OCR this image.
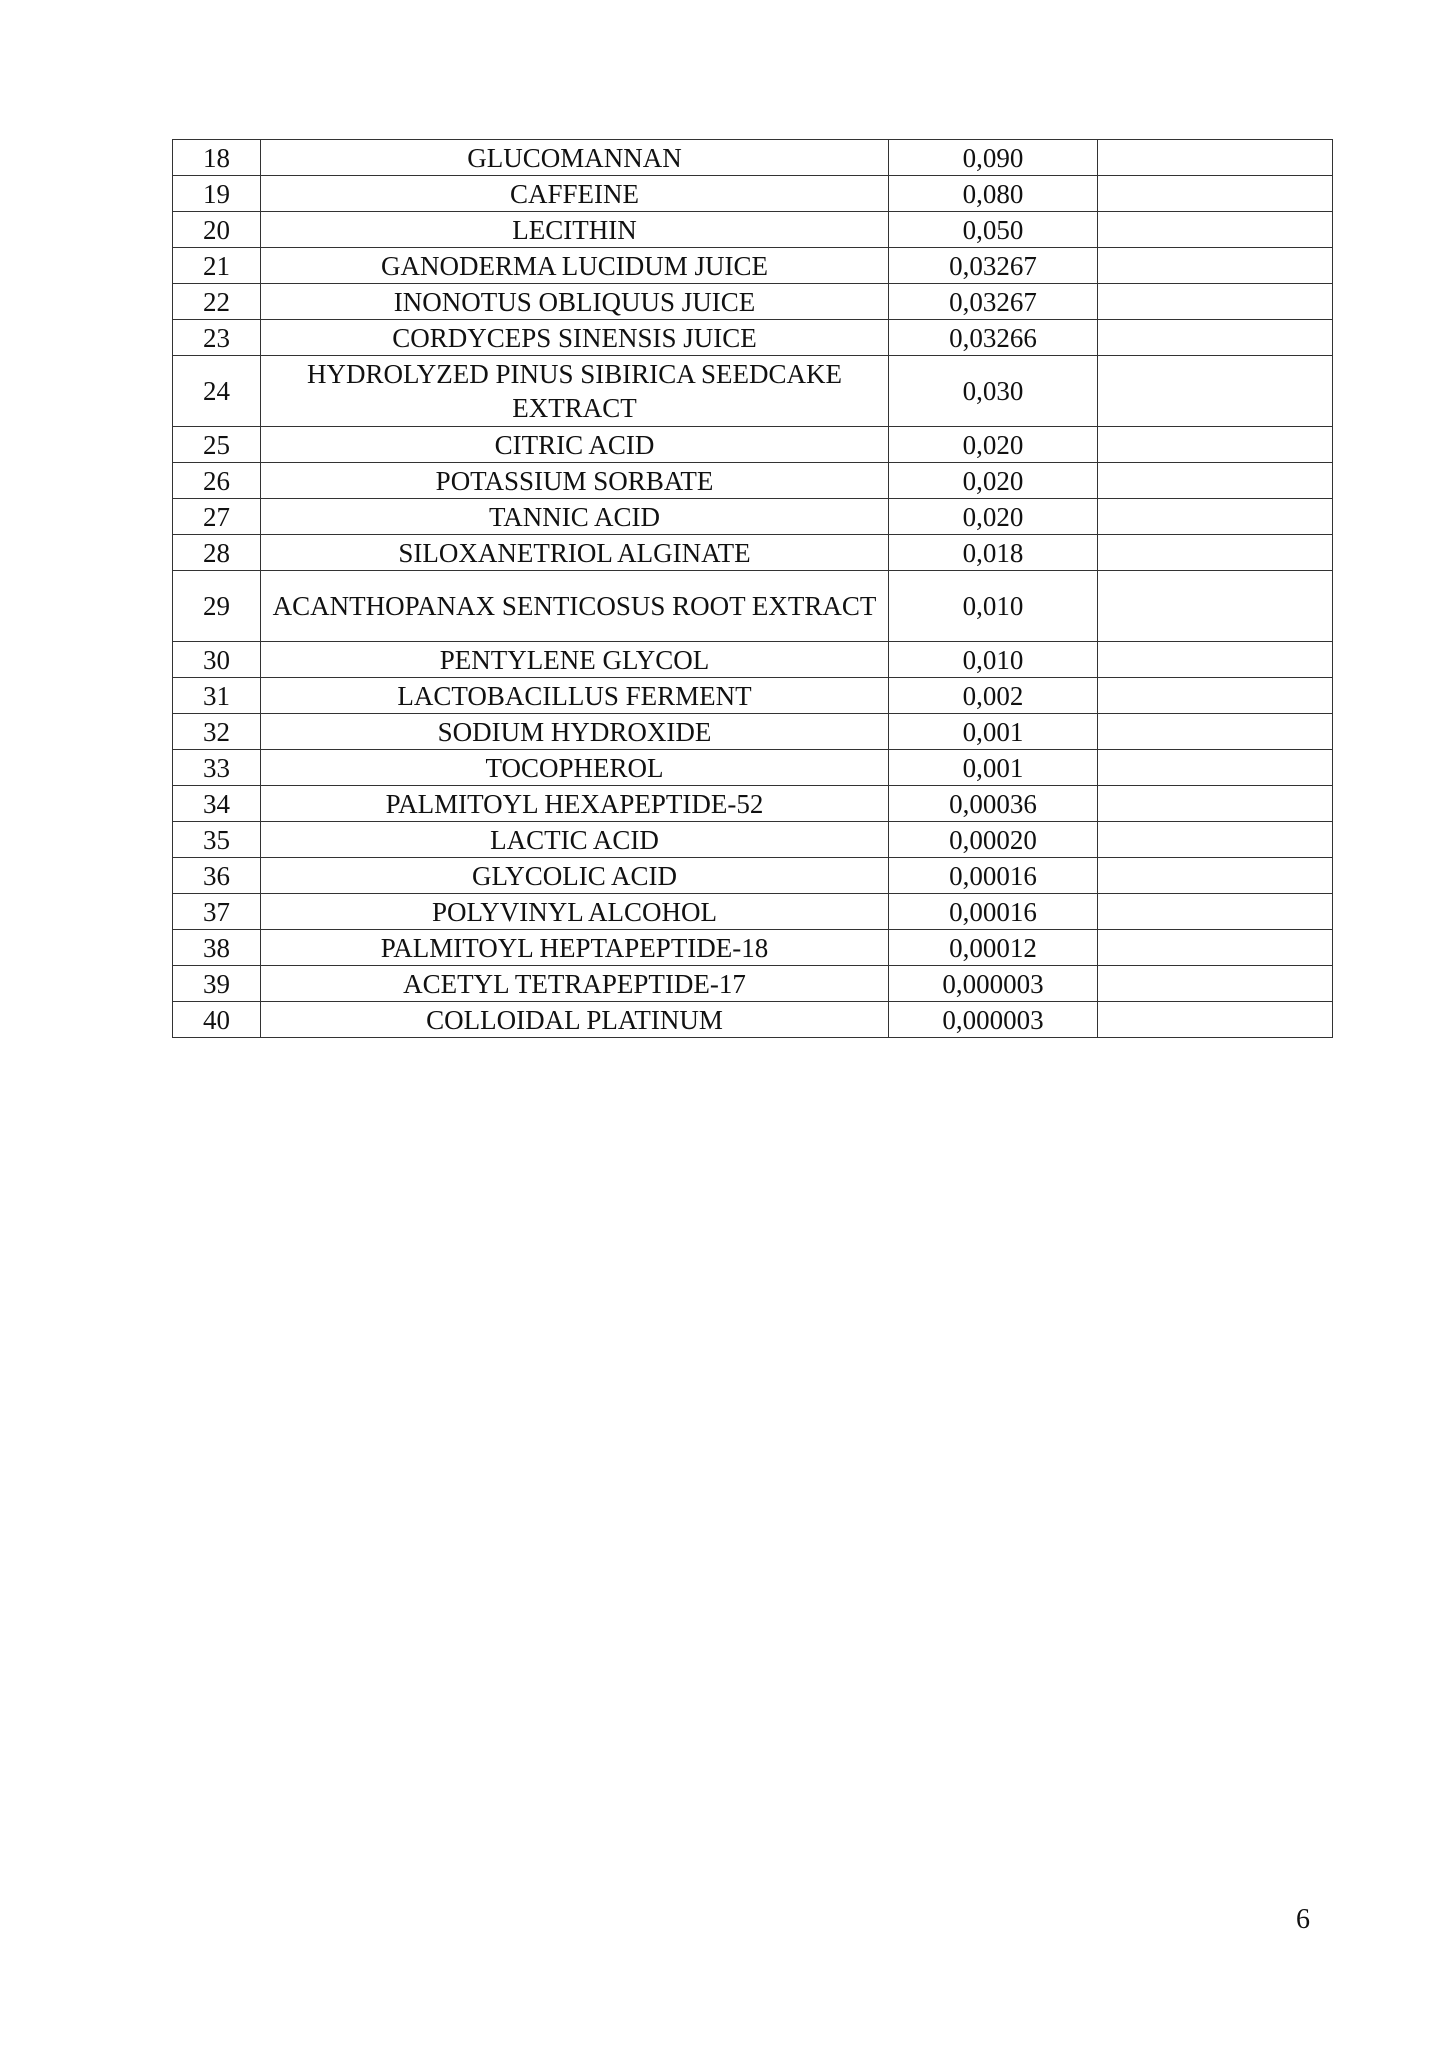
18	GLUCOMANNAN	0,090	
19	CAFFEINE	0,080	
20	LECITHIN	0,050	
21	GANODERMA LUCIDUM JUICE	0,03267	
22	INONOTUS OBLIQUUS JUICE	0,03267	
23	CORDYCEPS SINENSIS JUICE	0,03266	
24	HYDROLYZED PINUS SIBIRICA SEEDCAKE EXTRACT	0,030	
25	CITRIC ACID	0,020	
26	POTASSIUM SORBATE	0,020	
27	TANNIC ACID	0,020	
28	SILOXANETRIOL ALGINATE	0,018	
29	ACANTHOPANAX SENTICOSUS ROOT EXTRACT	0,010	
30	PENTYLENE GLYCOL	0,010	
31	LACTOBACILLUS FERMENT	0,002	
32	SODIUM HYDROXIDE	0,001	
33	TOCOPHEROL	0,001	
34	PALMITOYL HEXAPEPTIDE-52	0,00036	
35	LACTIC ACID	0,00020	
36	GLYCOLIC ACID	0,00016	
37	POLYVINYL ALCOHOL	0,00016	
38	PALMITOYL HEPTAPEPTIDE-18	0,00012	
39	ACETYL TETRAPEPTIDE-17	0,000003	
40	COLLOIDAL PLATINUM	0,000003	
6
